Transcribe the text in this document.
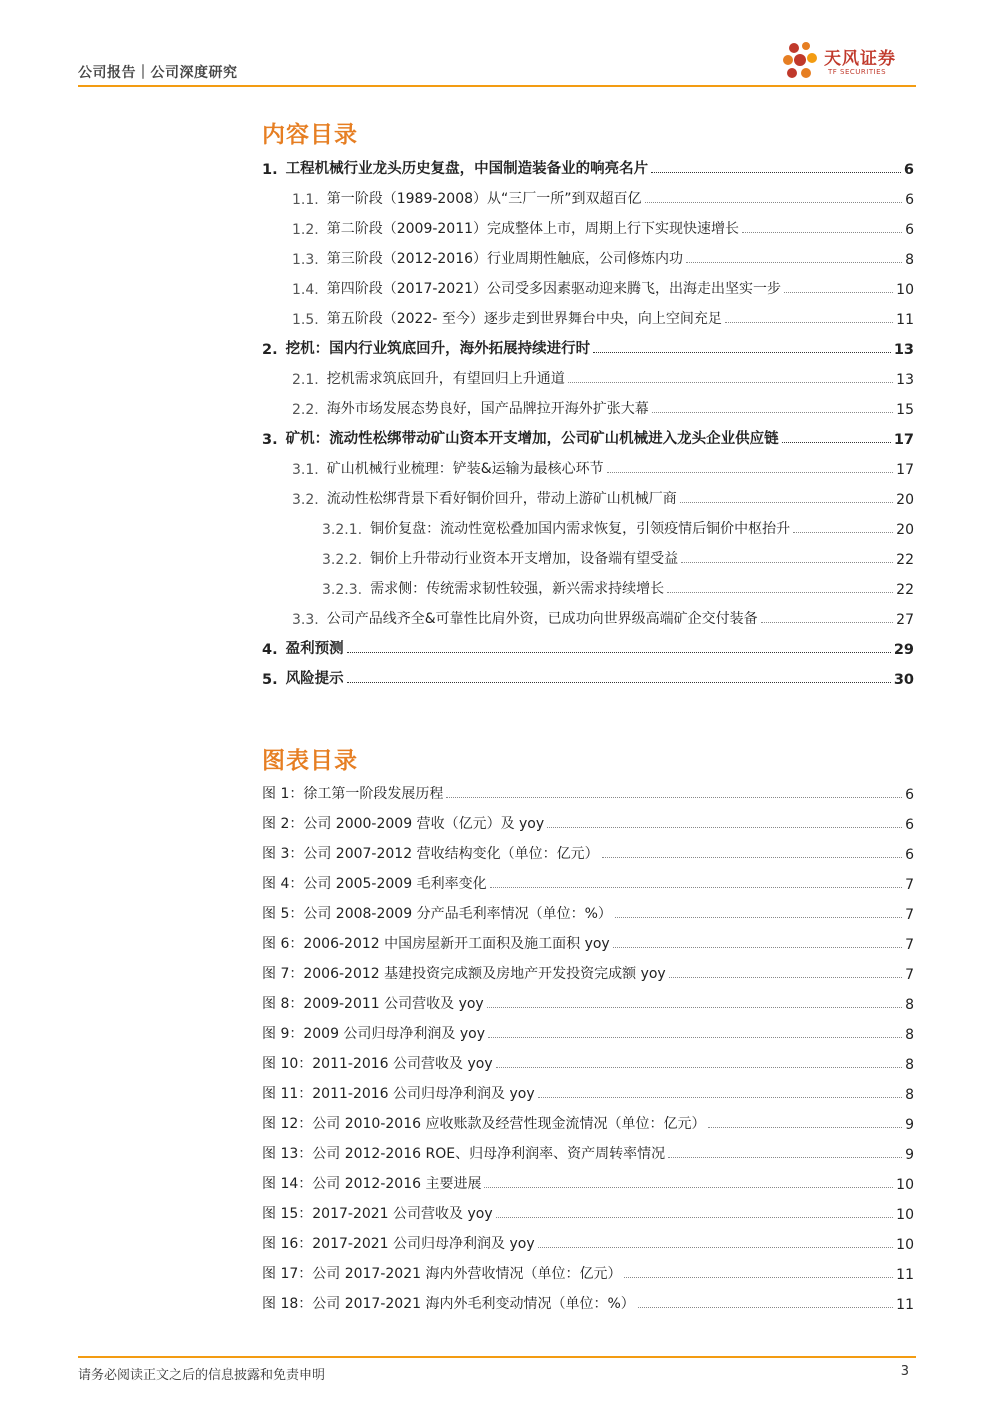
公司报告｜公司深度研究
天风证券
TF SECURITIES
内容目录
1. 工程机械行业龙头历史复盘，中国制造装备业的响亮名片	6
1.1. 第一阶段（1989-2008）从“三厂一所”到双超百亿	6
1.2. 第二阶段（2009-2011）完成整体上市，周期上行下实现快速增长	6
1.3. 第三阶段（2012-2016）行业周期性触底，公司修炼内功	8
1.4. 第四阶段（2017-2021）公司受多因素驱动迎来腾飞，出海走出坚实一步	10
1.5. 第五阶段（2022- 至今）逐步走到世界舞台中央，向上空间充足	11
2. 挖机：国内行业筑底回升，海外拓展持续进行时	13
2.1. 挖机需求筑底回升，有望回归上升通道	13
2.2. 海外市场发展态势良好，国产品牌拉开海外扩张大幕	15
3. 矿机：流动性松绑带动矿山资本开支增加，公司矿山机械进入龙头企业供应链	17
3.1. 矿山机械行业梳理：铲装&运输为最核心环节	17
3.2. 流动性松绑背景下看好铜价回升，带动上游矿山机械厂商	20
3.2.1. 铜价复盘：流动性宽松叠加国内需求恢复，引领疫情后铜价中枢抬升	20
3.2.2. 铜价上升带动行业资本开支增加，设备端有望受益	22
3.2.3. 需求侧：传统需求韧性较强，新兴需求持续增长	22
3.3. 公司产品线齐全&可靠性比肩外资，已成功向世界级高端矿企交付装备	27
4. 盈利预测	29
5. 风险提示	30
图表目录
图 1：徐工第一阶段发展历程	6
图 2：公司 2000-2009 营收（亿元）及 yoy	6
图 3：公司 2007-2012 营收结构变化（单位：亿元）	6
图 4：公司 2005-2009 毛利率变化	7
图 5：公司 2008-2009 分产品毛利率情况（单位：%）	7
图 6：2006-2012 中国房屋新开工面积及施工面积 yoy	7
图 7：2006-2012 基建投资完成额及房地产开发投资完成额 yoy	7
图 8：2009-2011 公司营收及 yoy	8
图 9：2009 公司归母净利润及 yoy	8
图 10：2011-2016 公司营收及 yoy	8
图 11：2011-2016 公司归母净利润及 yoy	8
图 12：公司 2010-2016 应收账款及经营性现金流情况（单位：亿元）	9
图 13：公司 2012-2016 ROE、归母净利润率、资产周转率情况	9
图 14：公司 2012-2016 主要进展	10
图 15：2017-2021 公司营收及 yoy	10
图 16：2017-2021 公司归母净利润及 yoy	10
图 17：公司 2017-2021 海内外营收情况（单位：亿元）	11
图 18：公司 2017-2021 海内外毛利变动情况（单位：%）	11
请务必阅读正文之后的信息披露和免责申明	3
